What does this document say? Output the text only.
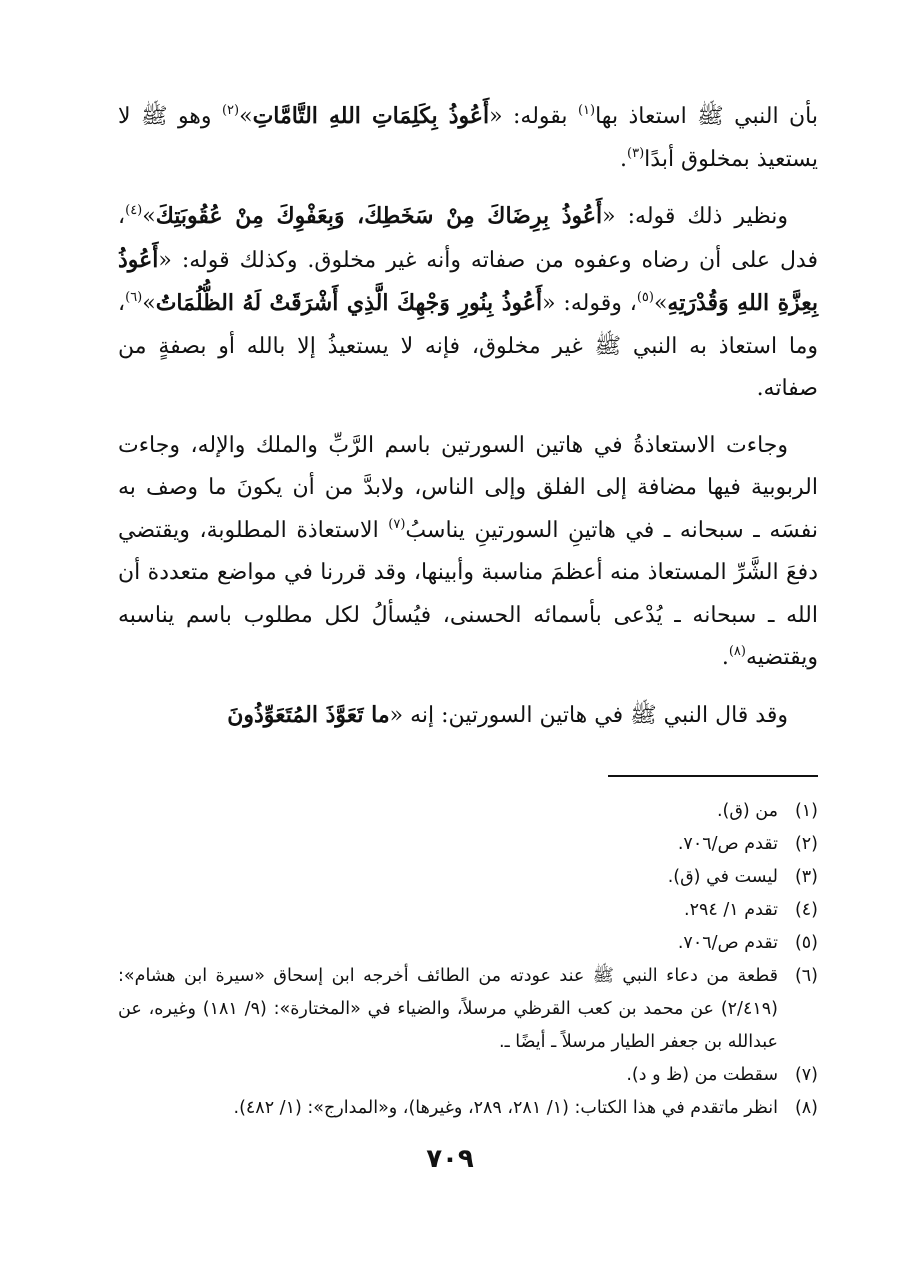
بأن النبي ﷺ استعاذ بها$^{(١)}$ بقوله: «أَعُوذُ بِكَلِمَاتِ اللهِ التَّامَّاتِ»$^{(٢)}$ وهو ﷺ لا يستعيذ بمخلوق أبدًا$^{(٣)}$.

ونظير ذلك قوله: «أَعُوذُ بِرِضَاكَ مِنْ سَخَطِكَ، وَبِعَفْوِكَ مِنْ عُقُوبَتِكَ»$^{(٤)}$، فدل على أن رضاه وعفوه من صفاته وأنه غير مخلوق. وكذلك قوله: «أَعُوذُ بِعِزَّةِ اللهِ وَقُدْرَتِهِ»$^{(٥)}$، وقوله: «أَعُوذُ بِنُورِ وَجْهِكَ الَّذِي أَشْرَقَتْ لَهُ الظُّلُمَاتُ»$^{(٦)}$، وما استعاذ به النبي ﷺ غير مخلوق، فإنه لا يستعيذُ إلا بالله أو بصفةٍ من صفاته.

وجاءت الاستعاذةُ في هاتين السورتين باسم الرَّبِّ والملك والإله، وجاءت الربوبية فيها مضافة إلى الفلق وإلى الناس، ولابدَّ من أن يكونَ ما وصف به نفسَه ـ سبحانه ـ في هاتينِ السورتينِ يناسبُ$^{(٧)}$ الاستعاذة المطلوبة، ويقتضي دفعَ الشَّرِّ المستعاذ منه أعظمَ مناسبة وأبينها، وقد قررنا في مواضع متعددة أن الله ـ سبحانه ـ يُدْعى بأسمائه الحسنى، فيُسألُ لكل مطلوب باسم يناسبه ويقتضيه$^{(٨)}$.

وقد قال النبي ﷺ في هاتين السورتين: إنه «ما تَعَوَّذَ المُتَعَوِّذُونَ

(١)
من (ق).
(٢)
تقدم ص/٧٠٦.
(٣)
ليست في (ق).
(٤)
تقدم ١/ ٢٩٤.
(٥)
تقدم ص/٧٠٦.
(٦)
قطعة من دعاء النبي ﷺ عند عودته من الطائف أخرجه ابن إسحاق «سيرة ابن هشام»: (٢/٤١٩) عن محمد بن كعب القرظي مرسلاً، والضياء في «المختارة»: (٩/ ١٨١) وغيره، عن عبدالله بن جعفر الطيار مرسلاً ـ أيضًا ـ.
(٧)
سقطت من (ظ و د).
(٨)
انظر ماتقدم في هذا الكتاب: (١/ ٢٨١، ٢٨٩، وغيرها)، و«المدارج»: (١/ ٤٨٢).
٧٠٩
